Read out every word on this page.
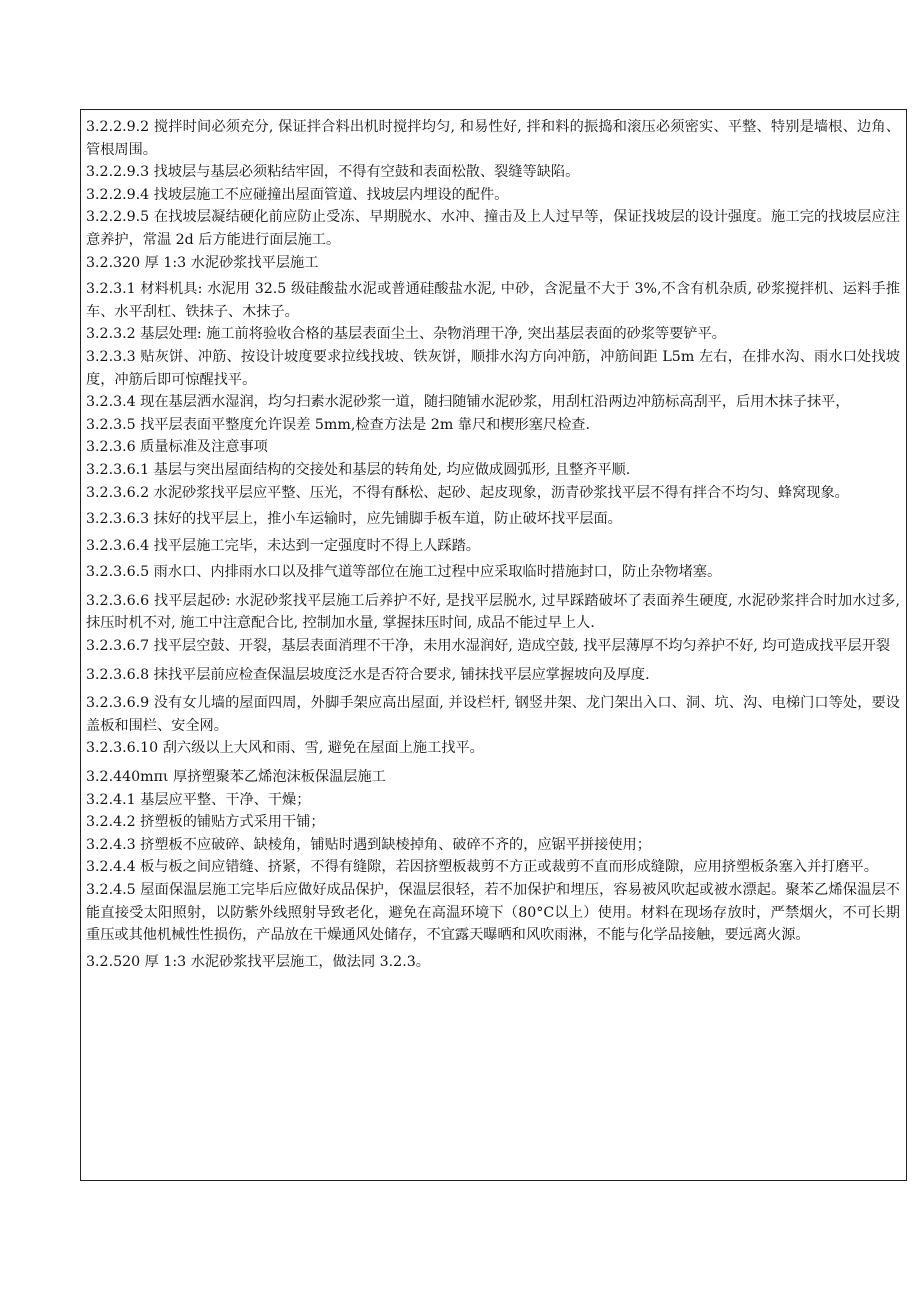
3.2.2.9.2 搅拌时间必须充分, 保证拌合料出机时搅拌均匀, 和易性好, 拌和料的振捣和滚压必须密实、平整、特别是墙根、边角、管根周围。

3.2.2.9.3 找坡层与基层必须粘结牢固，不得有空鼓和表面松散、裂缝等缺陷。

3.2.2.9.4 找坡层施工不应碰撞出屋面管道、找坡层内埋设的配件。

3.2.2.9.5 在找坡层凝结硬化前应防止受冻、早期脱水、水冲、撞击及上人过早等，保证找坡层的设计强度。施工完的找坡层应注意养护，常温 2d 后方能进行面层施工。

3.2.320 厚 1:3 水泥砂浆找平层施工

3.2.3.1 材料机具: 水泥用 32.5 级硅酸盐水泥或普通硅酸盐水泥, 中砂，含泥量不大于 3%,不含有机杂质, 砂浆搅拌机、运料手推车、水平刮杠、铁抹子、木抹子。

3.2.3.2 基层处理: 施工前将验收合格的基层表面尘土、杂物消理干净, 突出基层表面的砂浆等要铲平。

3.2.3.3 贴灰饼、冲筋、按设计坡度要求拉线找坡、铁灰饼，顺排水沟方向冲筋，冲筋间距 L5m 左右，在排水沟、雨水口处找坡度，冲筋后即可惊醒找平。

3.2.3.4 现在基层洒水湿润，均匀扫素水泥砂浆一道，随扫随铺水泥砂浆，用刮杠沿两边冲筋标高刮平，后用木抹子抹平，

3.2.3.5 找平层表面平整度允许误差 5mm,检查方法是 2m 靠尺和楔形塞尺检查.

3.2.3.6 质量标准及注意事项

3.2.3.6.1 基层与突出屋面结构的交接处和基层的转角处, 均应做成圆弧形, 且整齐平顺.

3.2.3.6.2 水泥砂浆找平层应平整、压光，不得有酥松、起砂、起皮现象，沥青砂浆找平层不得有拌合不均匀、蜂窝现象。

3.2.3.6.3 抹好的找平层上，推小车运输时，应先铺脚手板车道，防止破坏找平层面。

3.2.3.6.4 找平层施工完毕，未达到一定强度时不得上人踩踏。

3.2.3.6.5 雨水口、内排雨水口以及排气道等部位在施工过程中应采取临时措施封口，防止杂物堵塞。

3.2.3.6.6 找平层起砂: 水泥砂浆找平层施工后养护不好, 是找平层脱水, 过早踩踏破坏了表面养生硬度, 水泥砂浆拌合时加水过多, 抹压时机不对, 施工中注意配合比, 控制加水量, 掌握抹压时间, 成品不能过早上人.

3.2.3.6.7 找平层空鼓、开裂，基层表面消理不干净，未用水湿润好, 造成空鼓, 找平层薄厚不均匀养护不好, 均可造成找平层开裂

3.2.3.6.8 抹找平层前应检查保温层坡度泛水是否符合要求, 铺抹找平层应掌握坡向及厚度.

3.2.3.6.9 没有女儿墙的屋面四周，外脚手架应高出屋面, 并设栏杆, 钢竖井架、龙门架出入口、洞、坑、沟、电梯门口等处，要设盖板和围栏、安全网。

3.2.3.6.10 刮六级以上大风和雨、雪, 避免在屋面上施工找平。

3.2.440mπι 厚挤塑聚苯乙烯泡沫板保温层施工

3.2.4.1 基层应平整、干净、干燥；

3.2.4.2 挤塑板的铺贴方式采用干铺；

3.2.4.3 挤塑板不应破碎、缺棱角，铺贴时遇到缺棱掉角、破碎不齐的，应锯平拼接使用；

3.2.4.4 板与板之间应错缝、挤紧，不得有缝隙，若因挤塑板裁剪不方正或裁剪不直而形成缝隙，应用挤塑板条塞入并打磨平。

3.2.4.5 屋面保温层施工完毕后应做好成品保护，保温层很轻，若不加保护和埋压，容易被风吹起或被水漂起。聚苯乙烯保温层不能直接受太阳照射，以防紫外线照射导致老化，避免在高温环境下（80°C以上）使用。材料在现场存放时，严禁烟火，不可长期重压或其他机械性性损伤，产品放在干燥通风处储存，不宜露天曝晒和风吹雨淋，不能与化学品接触，要远离火源。

3.2.520 厚 1:3 水泥砂浆找平层施工，做法同 3.2.3。
